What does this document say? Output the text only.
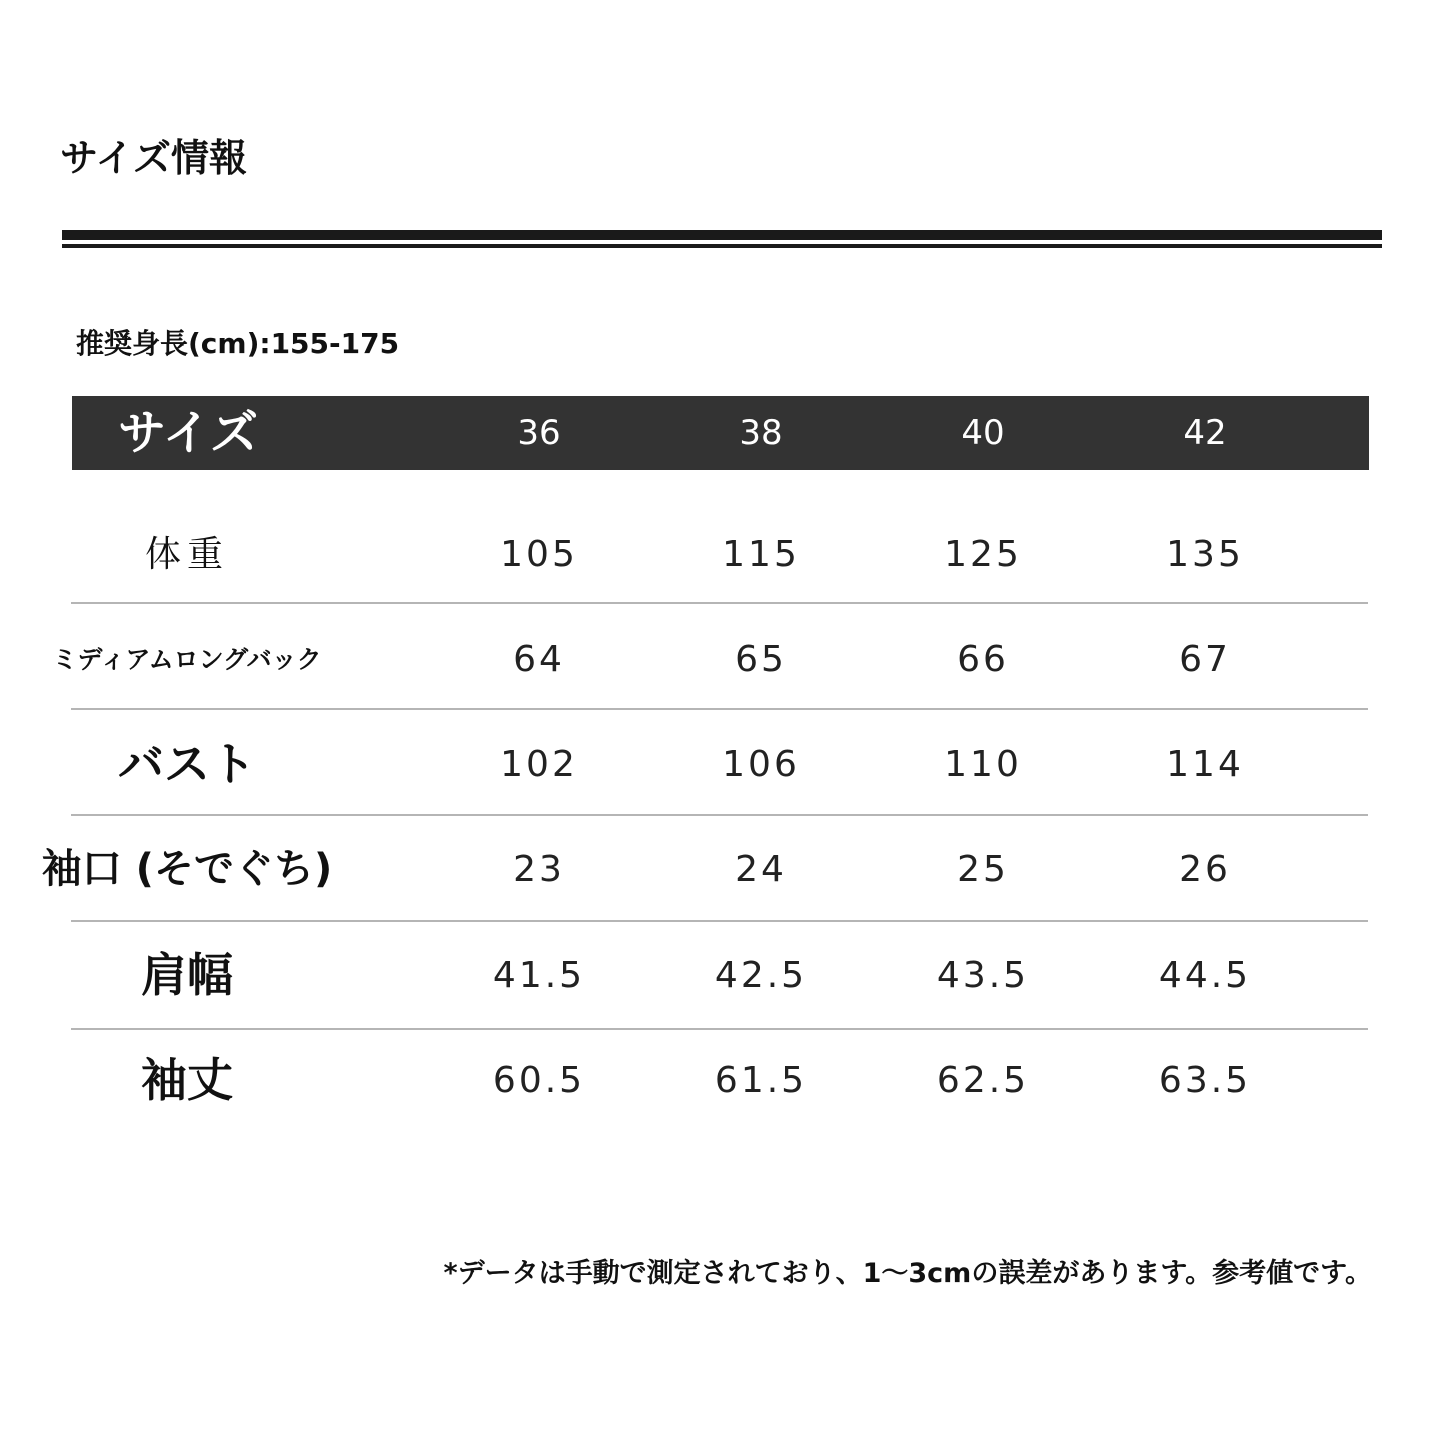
サイズ情報
推奨身長(cm):155-175
サイズ	36	38	40	42
体重	105	115	125	135
ミディアムロングバック	64	65	66	67
バスト	102	106	110	114
袖口 (そでぐち)	23	24	25	26
肩幅	41.5	42.5	43.5	44.5
袖丈	60.5	61.5	62.5	63.5
*データは手動で測定されており、1～3cmの誤差があります。参考値です。
